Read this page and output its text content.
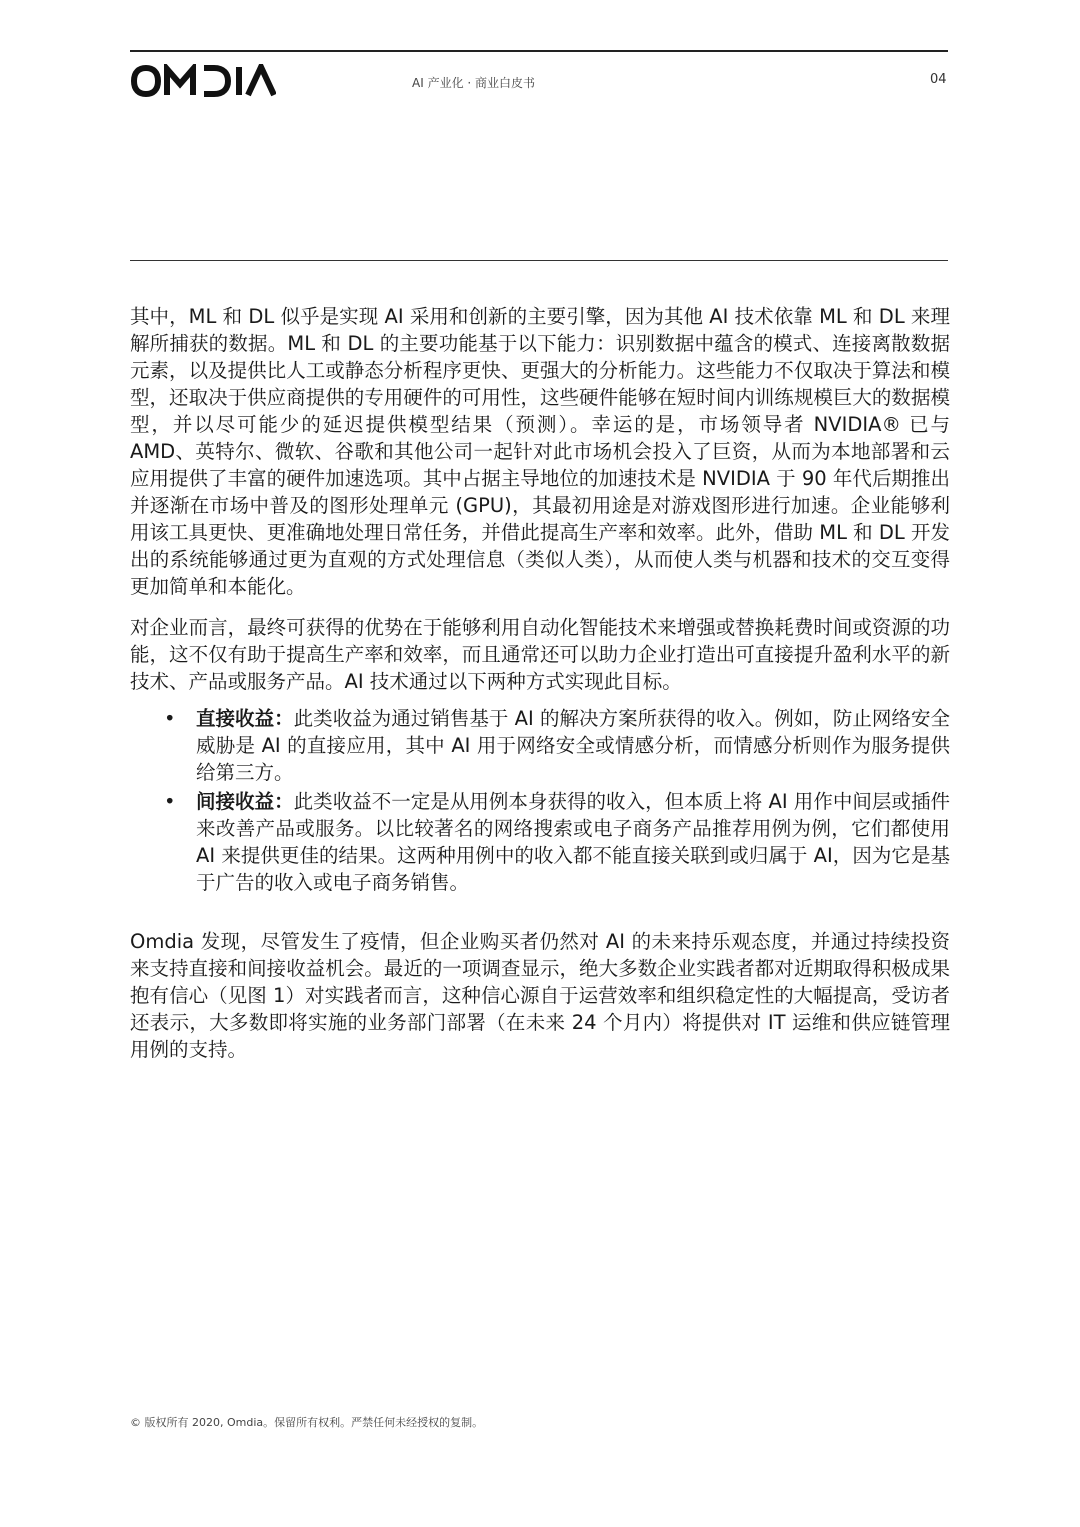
AI 产业化 · 商业白皮书	04

其中，ML 和 DL 似乎是实现 AI 采用和创新的主要引擎，因为其他 AI 技术依靠 ML 和 DL 来理解所捕获的数据。ML 和 DL 的主要功能基于以下能力：识别数据中蕴含的模式、连接离散数据元素，以及提供比人工或静态分析程序更快、更强大的分析能力。这些能力不仅取决于算法和模型，还取决于供应商提供的专用硬件的可用性，这些硬件能够在短时间内训练规模巨大的数据模型，并以尽可能少的延迟提供模型结果（预测）。幸运的是，市场领导者 NVIDIA® 已与 AMD、英特尔、微软、谷歌和其他公司一起针对此市场机会投入了巨资，从而为本地部署和云应用提供了丰富的硬件加速选项。其中占据主导地位的加速技术是 NVIDIA 于 90 年代后期推出并逐渐在市场中普及的图形处理单元 (GPU)，其最初用途是对游戏图形进行加速。企业能够利用该工具更快、更准确地处理日常任务，并借此提高生产率和效率。此外，借助 ML 和 DL 开发出的系统能够通过更为直观的方式处理信息（类似人类），从而使人类与机器和技术的交互变得更加简单和本能化。

对企业而言，最终可获得的优势在于能够利用自动化智能技术来增强或替换耗费时间或资源的功能，这不仅有助于提高生产率和效率，而且通常还可以助力企业打造出可直接提升盈利水平的新技术、产品或服务产品。AI 技术通过以下两种方式实现此目标。

• 直接收益：此类收益为通过销售基于 AI 的解决方案所获得的收入。例如，防止网络安全威胁是 AI 的直接应用，其中 AI 用于网络安全或情感分析，而情感分析则作为服务提供给第三方。
• 间接收益：此类收益不一定是从用例本身获得的收入，但本质上将 AI 用作中间层或插件来改善产品或服务。以比较著名的网络搜索或电子商务产品推荐用例为例，它们都使用 AI 来提供更佳的结果。这两种用例中的收入都不能直接关联到或归属于 AI，因为它是基于广告的收入或电子商务销售。

Omdia 发现，尽管发生了疫情，但企业购买者仍然对 AI 的未来持乐观态度，并通过持续投资来支持直接和间接收益机会。最近的一项调查显示，绝大多数企业实践者都对近期取得积极成果抱有信心（见图 1）对实践者而言，这种信心源自于运营效率和组织稳定性的大幅提高，受访者还表示，大多数即将实施的业务部门部署（在未来 24 个月内）将提供对 IT 运维和供应链管理用例的支持。

© 版权所有 2020, Omdia。保留所有权利。严禁任何未经授权的复制。
